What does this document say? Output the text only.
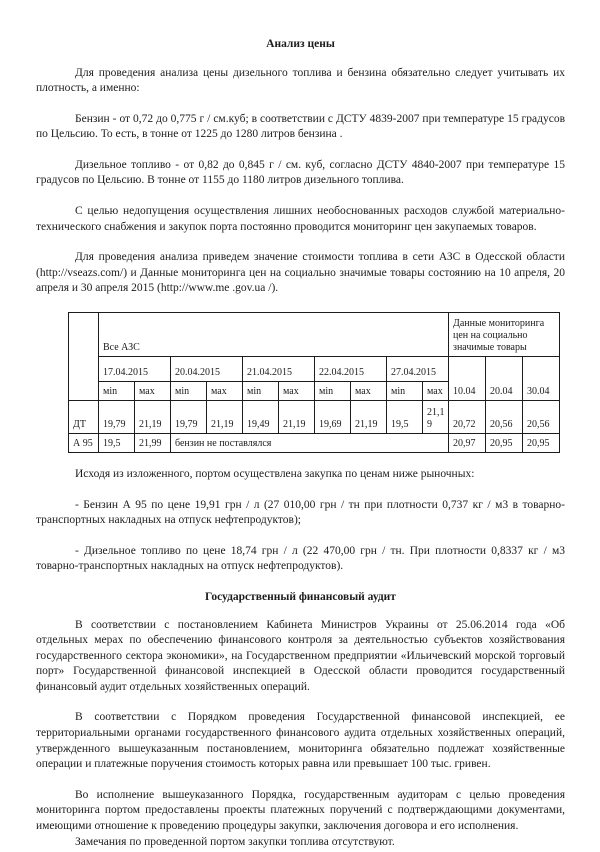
Анализ цены

Для проведения анализа цены дизельного топлива и бензина обязательно следует учитывать их плотность, а именно:

Бензин - от 0,72 до 0,775 г / см.куб; в соответствии с ДСТУ 4839-2007 при температуре 15 градусов по Цельсию. То есть, в тонне от 1225 до 1280 литров бензина .

Дизельное топливо - от 0,82 до 0,845 г / см. куб, согласно ДСТУ 4840-2007 при температуре 15 градусов по Цельсию. В тонне от 1155 до 1180 литров дизельного топлива.

С целью недопущения осуществления лишних необоснованных расходов службой материально-технического снабжения и закупок порта постоянно проводится мониторинг цен закупаемых товаров.

Для проведения анализа приведем значение стоимости топлива в сети АЗС в Одесской области (http://vseazs.com/) и Данные мониторинга цен на социально значимые товары состоянию на 10 апреля, 20 апреля и 30 апреля 2015 (http://www.me .gov.ua /).

	Все АЗС										Данные мониторинга цен на социально значимые товары		
	17.04.2015		20.04.2015		21.04.2015		22.04.2015		27.04.2015		10.04	20.04	30.04
	мin	мах	мin	мах	мin	мах	мin	мах	мin	мах			
ДТ	19,79	21,19	19,79	21,19	19,49	21,19	19,69	21,19	19,5	21,19	20,72	20,56	20,56
А 95	19,5	21,99	бензин не поставлялся								20,97	20,95	20,95

Исходя из изложенного, портом осуществлена закупка по ценам ниже рыночных:

- Бензин А 95 по цене 19,91 грн / л (27 010,00 грн / тн при плотности 0,737 кг / м3 в товарно-транспортных накладных на отпуск нефтепродуктов);

- Дизельное топливо по цене 18,74 грн / л (22 470,00 грн / тн. При плотности 0,8337 кг / м3 товарно-транспортных накладных на отпуск нефтепродуктов).

Государственный финансовый аудит

В соответствии с постановлением Кабинета Министров Украины от 25.06.2014 года «Об отдельных мерах по обеспечению финансового контроля за деятельностью субъектов хозяйствования государственного сектора экономики», на Государственном предприятии «Ильичевский морской торговый порт» Государственной финансовой инспекцией в Одесской области проводится государственный финансовый аудит отдельных хозяйственных операций.

В соответствии с Порядком проведения Государственной финансовой инспекцией, ее территориальными органами государственного финансового аудита отдельных хозяйственных операций, утвержденного вышеуказанным постановлением, мониторинга обязательно подлежат хозяйственные операции и платежные поручения стоимость которых равна или превышает 100 тыс. гривен.

Во исполнение вышеуказанного Порядка, государственным аудиторам с целью проведения мониторинга портом предоставлены проекты платежных поручений с подтверждающими документами, имеющими отношение к проведению процедуры закупки, заключения договора и его исполнения.

Замечания по проведенной портом закупки топлива отсутствуют.
